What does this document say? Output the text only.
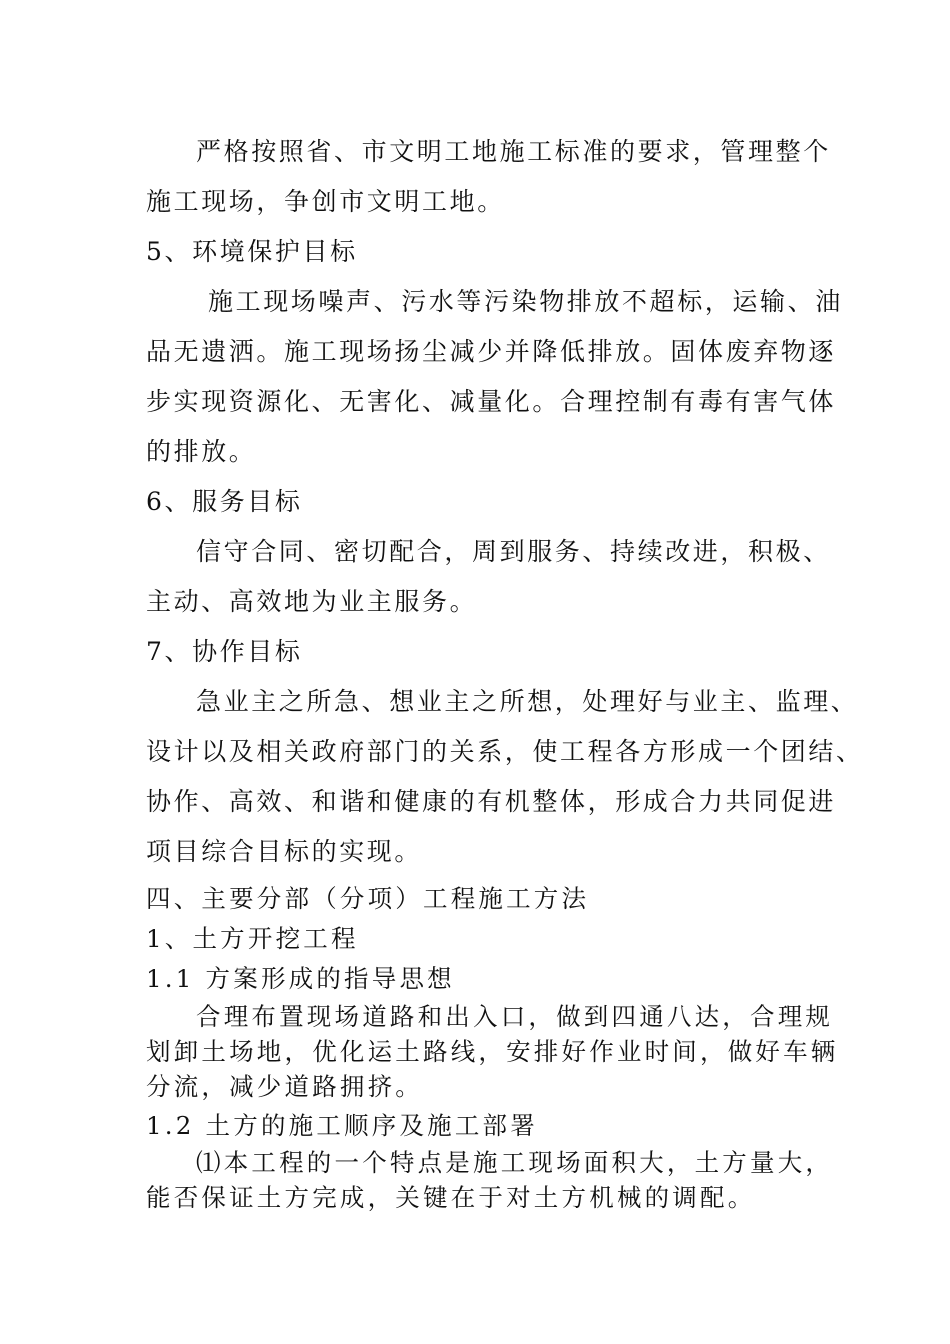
严格按照省、市文明工地施工标准的要求，管理整个

施工现场，争创市文明工地。

5、环境保护目标

施工现场噪声、污水等污染物排放不超标，运输、油

品无遗洒。施工现场扬尘减少并降低排放。固体废弃物逐

步实现资源化、无害化、减量化。合理控制有毒有害气体

的排放。

6、服务目标

信守合同、密切配合，周到服务、持续改进，积极、

主动、高效地为业主服务。

7、协作目标

急业主之所急、想业主之所想，处理好与业主、监理、

设计以及相关政府部门的关系，使工程各方形成一个团结、

协作、高效、和谐和健康的有机整体，形成合力共同促进

项目综合目标的实现。

四、主要分部（分项）工程施工方法

1、土方开挖工程

1.1 方案形成的指导思想

合理布置现场道路和出入口，做到四通八达，合理规

划卸土场地，优化运土路线，安排好作业时间，做好车辆

分流，减少道路拥挤。

1.2 土方的施工顺序及施工部署

⑴本工程的一个特点是施工现场面积大，土方量大，

能否保证土方完成，关键在于对土方机械的调配。
